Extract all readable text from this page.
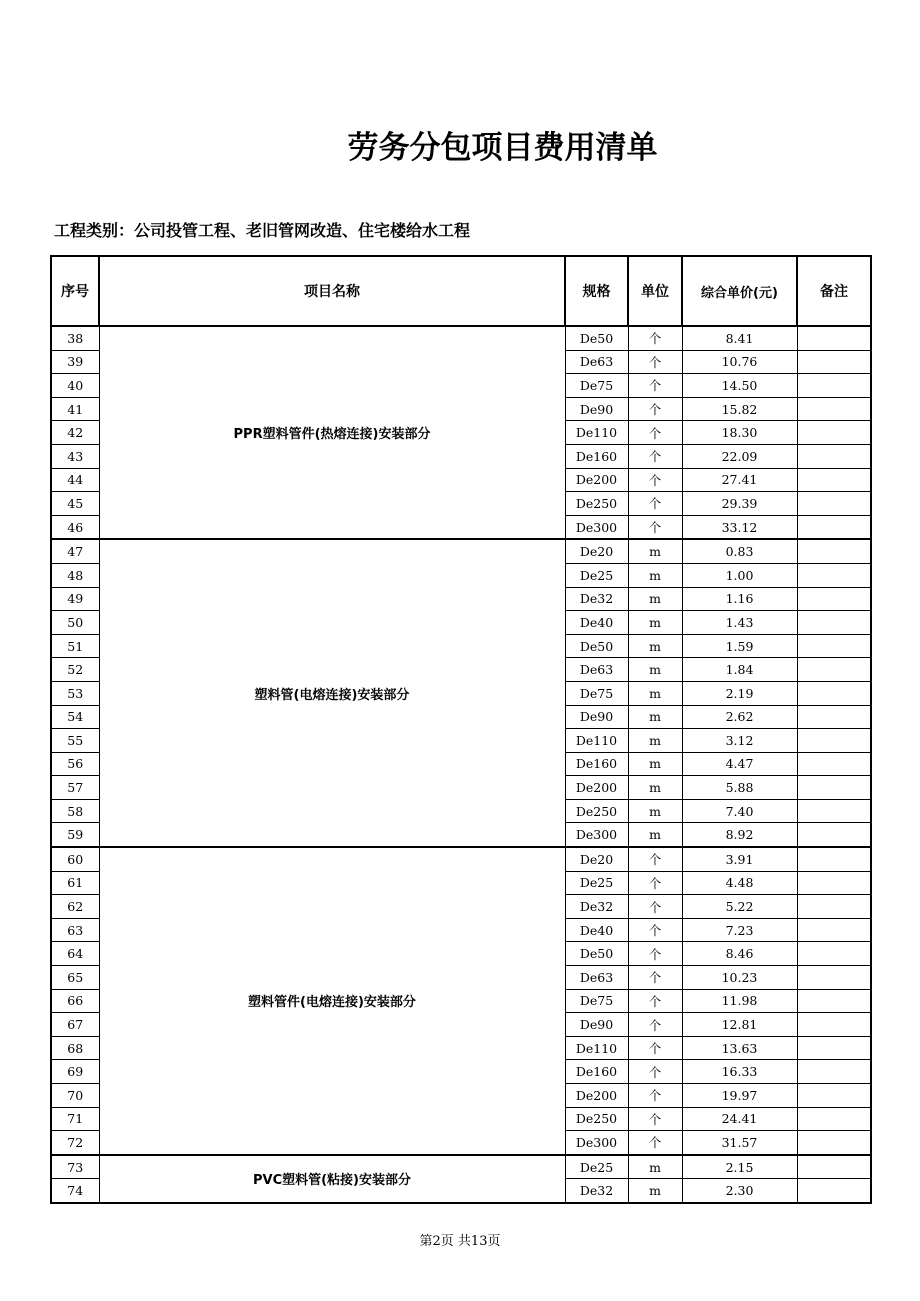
劳务分包项目费用清单
工程类别：公司投管工程、老旧管网改造、住宅楼给水工程
序号	项目名称	规格	单位	综合单价(元)	备注
38	PPR塑料管件(热熔连接)安装部分	De50	个	8.41	
39		De63	个	10.76	
40		De75	个	14.50	
41		De90	个	15.82	
42		De110	个	18.30	
43		De160	个	22.09	
44		De200	个	27.41	
45		De250	个	29.39	
46		De300	个	33.12	
47	塑料管(电熔连接)安装部分	De20	m	0.83	
48		De25	m	1.00	
49		De32	m	1.16	
50		De40	m	1.43	
51		De50	m	1.59	
52		De63	m	1.84	
53		De75	m	2.19	
54		De90	m	2.62	
55		De110	m	3.12	
56		De160	m	4.47	
57		De200	m	5.88	
58		De250	m	7.40	
59		De300	m	8.92	
60	塑料管件(电熔连接)安装部分	De20	个	3.91	
61		De25	个	4.48	
62		De32	个	5.22	
63		De40	个	7.23	
64		De50	个	8.46	
65		De63	个	10.23	
66		De75	个	11.98	
67		De90	个	12.81	
68		De110	个	13.63	
69		De160	个	16.33	
70		De200	个	19.97	
71		De250	个	24.41	
72		De300	个	31.57	
73	PVC塑料管(粘接)安装部分	De25	m	2.15	
74		De32	m	2.30	
第2页 共13页
